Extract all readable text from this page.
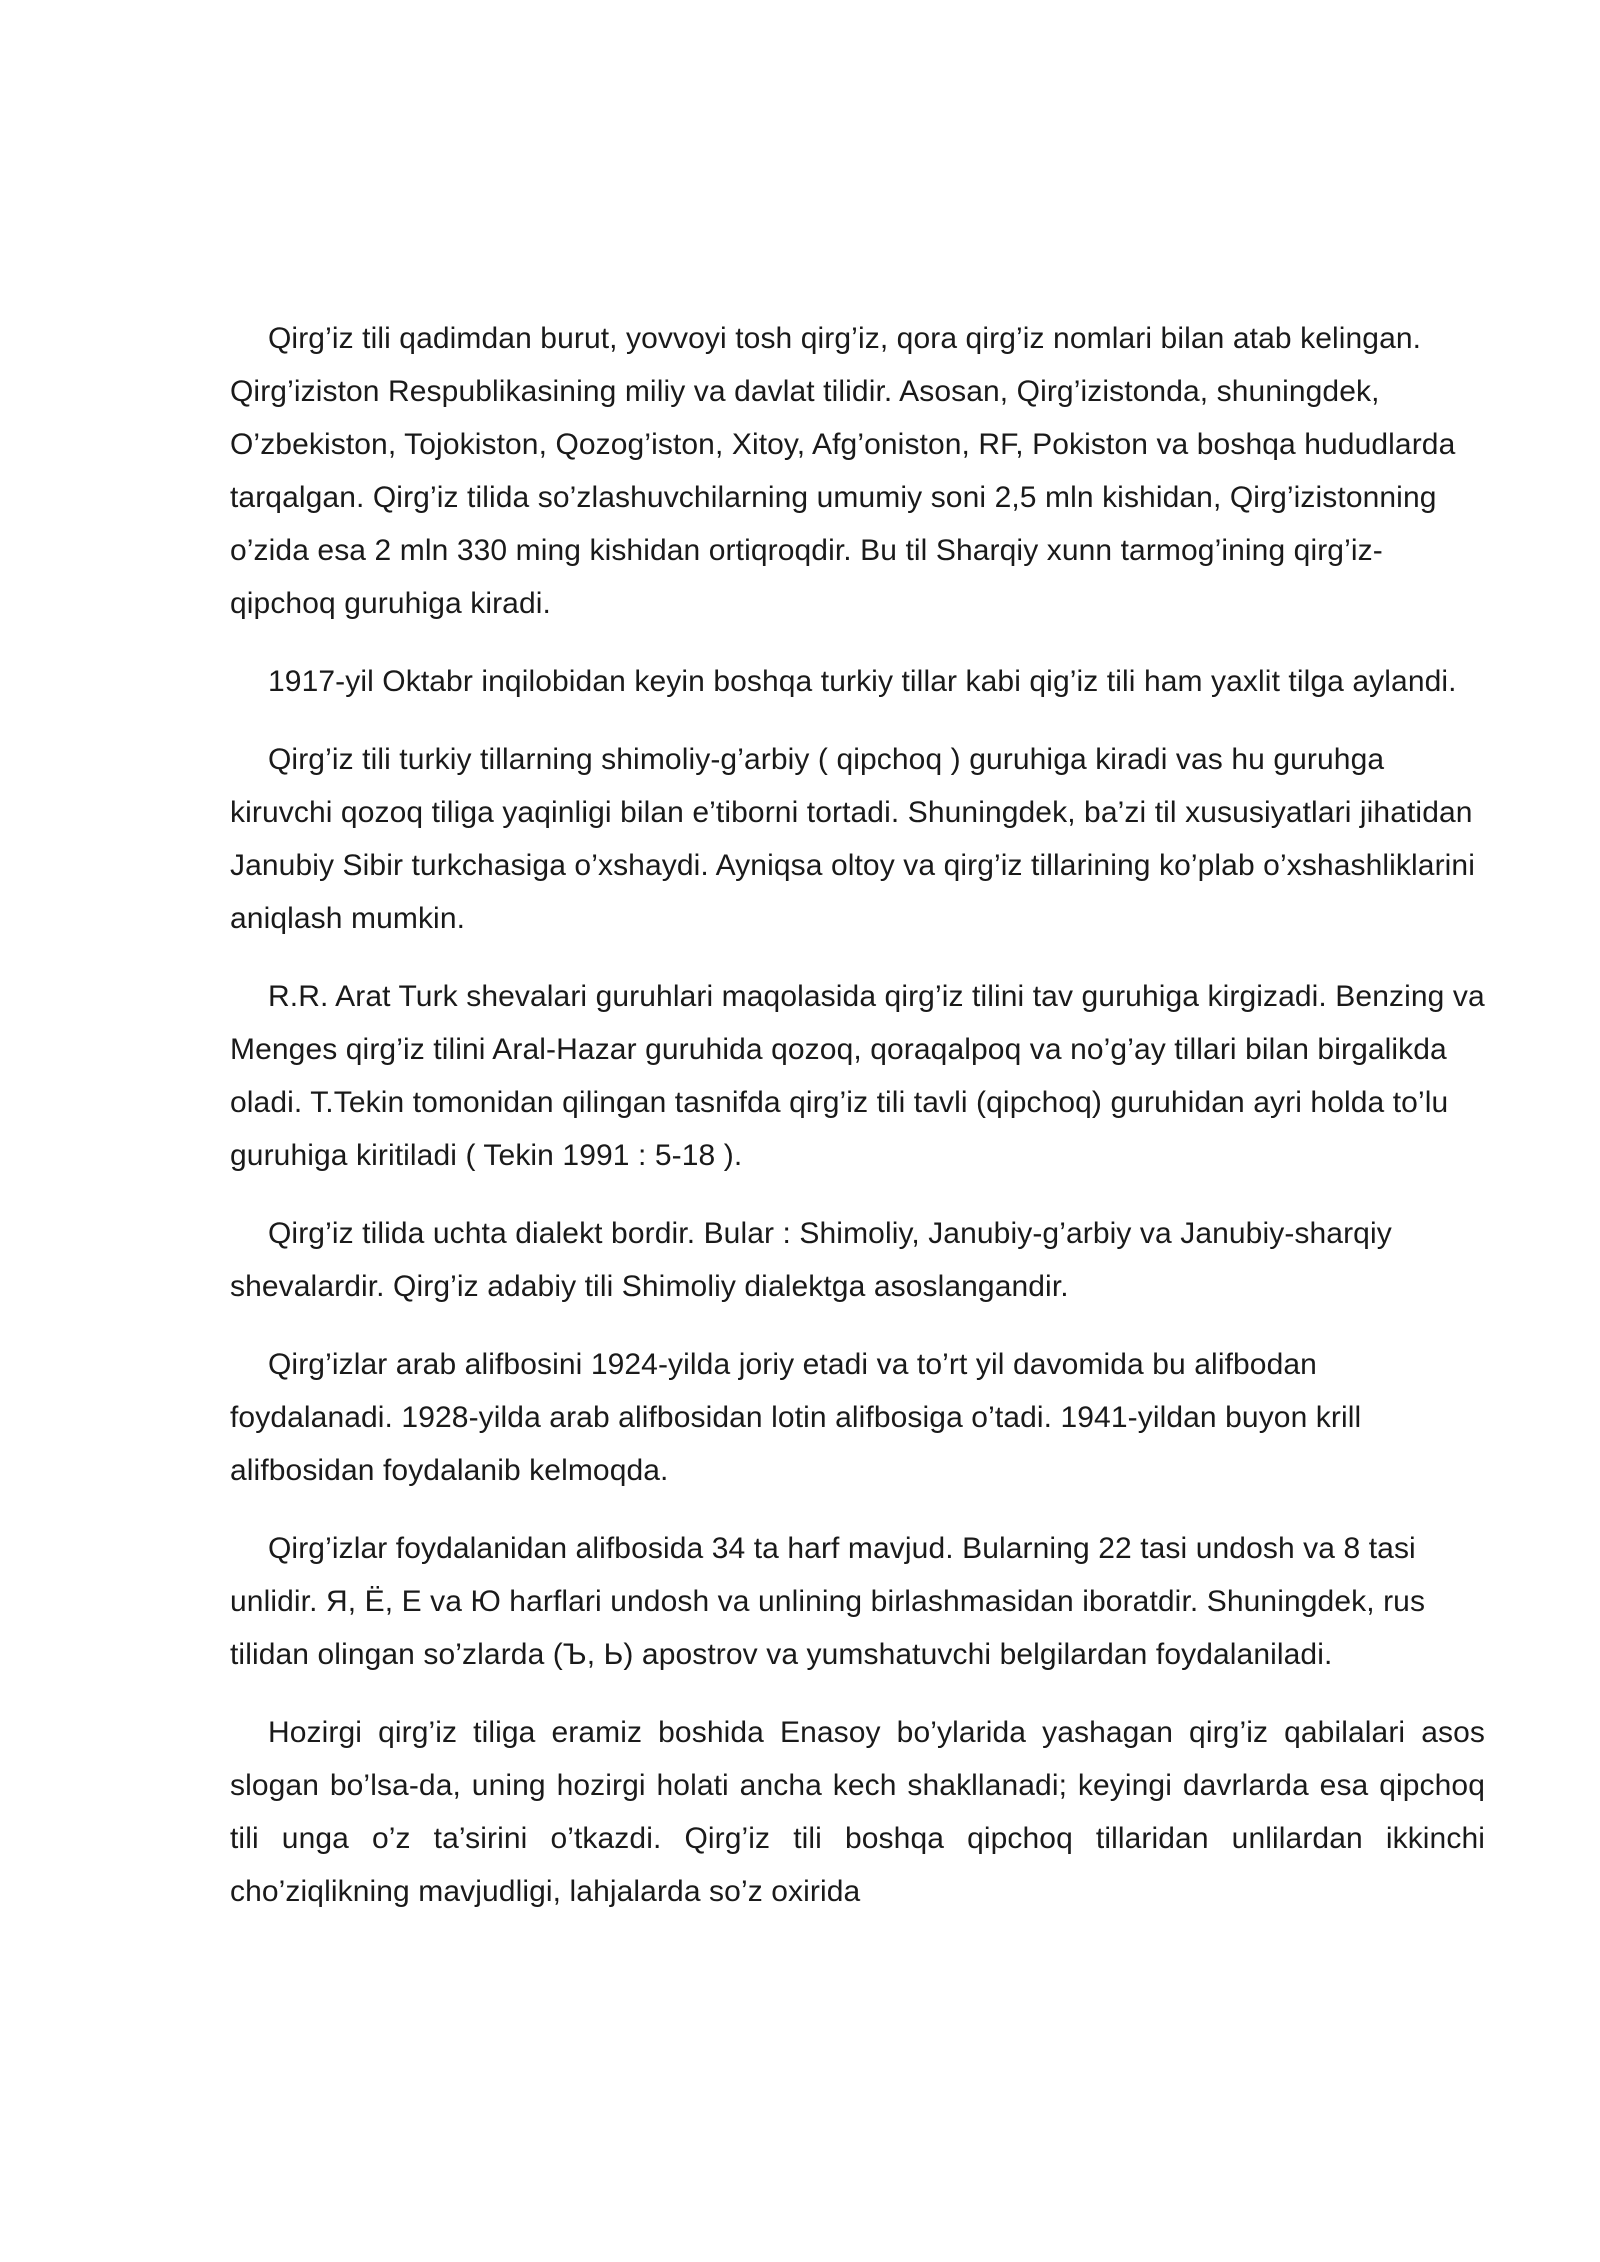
Qirg’iz tili qadimdan burut, yovvoyi tosh qirg’iz, qora qirg’iz nomlari bilan atab kelingan. Qirg’iziston Respublikasining miliy va davlat tilidir. Asosan, Qirg’izistonda, shuningdek, O’zbekiston, Tojokiston, Qozog’iston, Xitoy, Afg’oniston, RF, Pokiston va boshqa hududlarda tarqalgan. Qirg’iz tilida so’zlashuvchilarning umumiy soni 2,5 mln kishidan, Qirg’izistonning o’zida esa 2 mln 330 ming kishidan ortiqroqdir. Bu til Sharqiy xunn tarmog’ining qirg’iz-qipchoq guruhiga kiradi.

1917-yil Oktabr inqilobidan keyin boshqa turkiy tillar kabi qig’iz tili ham yaxlit tilga aylandi.

Qirg’iz tili turkiy tillarning shimoliy-g’arbiy ( qipchoq ) guruhiga kiradi vas hu guruhga kiruvchi qozoq tiliga yaqinligi bilan e’tiborni tortadi. Shuningdek, ba’zi til xususiyatlari jihatidan Janubiy Sibir turkchasiga o’xshaydi. Ayniqsa oltoy va qirg’iz tillarining ko’plab o’xshashliklarini aniqlash mumkin.

R.R. Arat Turk shevalari guruhlari maqolasida qirg’iz tilini tav guruhiga kirgizadi. Benzing va Menges qirg’iz tilini Aral-Hazar guruhida qozoq, qoraqalpoq va no’g’ay tillari bilan birgalikda oladi. T.Tekin tomonidan qilingan tasnifda qirg’iz tili tavli (qipchoq) guruhidan ayri holda to’lu guruhiga kiritiladi ( Tekin 1991 : 5-18 ).

Qirg’iz tilida uchta dialekt bordir. Bular : Shimoliy, Janubiy-g’arbiy va Janubiy-sharqiy shevalardir. Qirg’iz adabiy tili Shimoliy dialektga asoslangandir.

Qirg’izlar arab alifbosini 1924-yilda joriy etadi va to’rt yil davomida bu alifbodan foydalanadi. 1928-yilda arab alifbosidan lotin alifbosiga o’tadi. 1941-yildan buyon krill alifbosidan foydalanib kelmoqda.

Qirg’izlar foydalanidan alifbosida 34 ta harf mavjud. Bularning 22 tasi undosh va 8 tasi unlidir. Я, Ё, Е va Ю harflari undosh va unlining birlashmasidan iboratdir. Shuningdek, rus tilidan olingan so’zlarda (Ъ, Ь) apostrov va yumshatuvchi belgilardan foydalaniladi.

Hozirgi qirg’iz tiliga eramiz boshida Enasoy bo’ylarida yashagan qirg’iz qabilalari asos slogan bo’lsa-da, uning hozirgi holati ancha kech shakllanadi; keyingi davrlarda esa qipchoq tili unga o’z ta’sirini o’tkazdi. Qirg’iz tili boshqa qipchoq tillaridan unlilardan ikkinchi cho’ziqlikning mavjudligi, lahjalarda so’z oxirida
